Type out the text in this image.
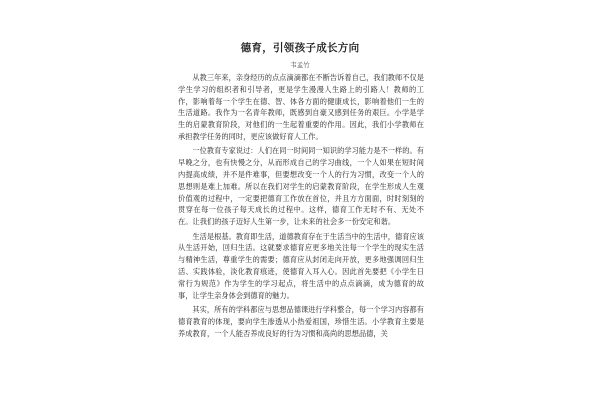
德育，引领孩子成长方向
韦孟竹

从教三年来，亲身经历的点点滴滴都在不断告诉着自己，我们教师不仅是学生学习的组织者和引导者，更是学生漫漫人生路上的引路人！教师的工作，影响着每一个学生在德、智、体各方面的健康成长，影响着他们一生的生活道路。我作为一名青年教师，既感到自豪又感到任务的艰巨。小学是学生的启蒙教育阶段，对他们的一生起着重要的作用。因此，我们小学教师在承担教学任务的同时，更应该做好育人工作。

一位教育专家说过：人们在同一时间同一知识的学习能力是不一样的。有早晚之分，也有快慢之分，从而形成自己的学习曲线，一个人如果在短时间内提高成绩，并不是件难事，但要想改变一个人的行为习惯，改变一个人的思想则是难上加难。所以在我们对学生的启蒙教育阶段，在学生形成人生观价值观的过程中，一定要把德育工作放在首位，并且方方面面，时时刻刻的贯穿在每一位孩子每天成长的过程中。这样，德育工作无时不有、无处不在。让我们的孩子迈好人生第一步，让未来的社会多一份安定和谐。

生活是根基。教育即生活，道德教育存在于生活当中的生活中，德育应该从生活开始，回归生活。这就要求德育应更多地关注每一个学生的现实生活与精神生活，尊重学生的需要；德育应从封闭走向开放，更多地强调回归生活、实践体验，淡化教育痕迹，使德育入耳入心。因此首先要把《小学生日常行为规范》作为学生的学习起点，将生活中的点点滴滴，成为德育的故事，让学生亲身体会到德育的魅力。

其实，所有的学科都应与思想品德课进行学科整合，每一个学习内容都有德育教育的体现，要向学生渗透从小热爱祖国，珍惜生活。小学教育主要是养成教育，一个人能否养成良好的行为习惯和高尚的思想品德，关
